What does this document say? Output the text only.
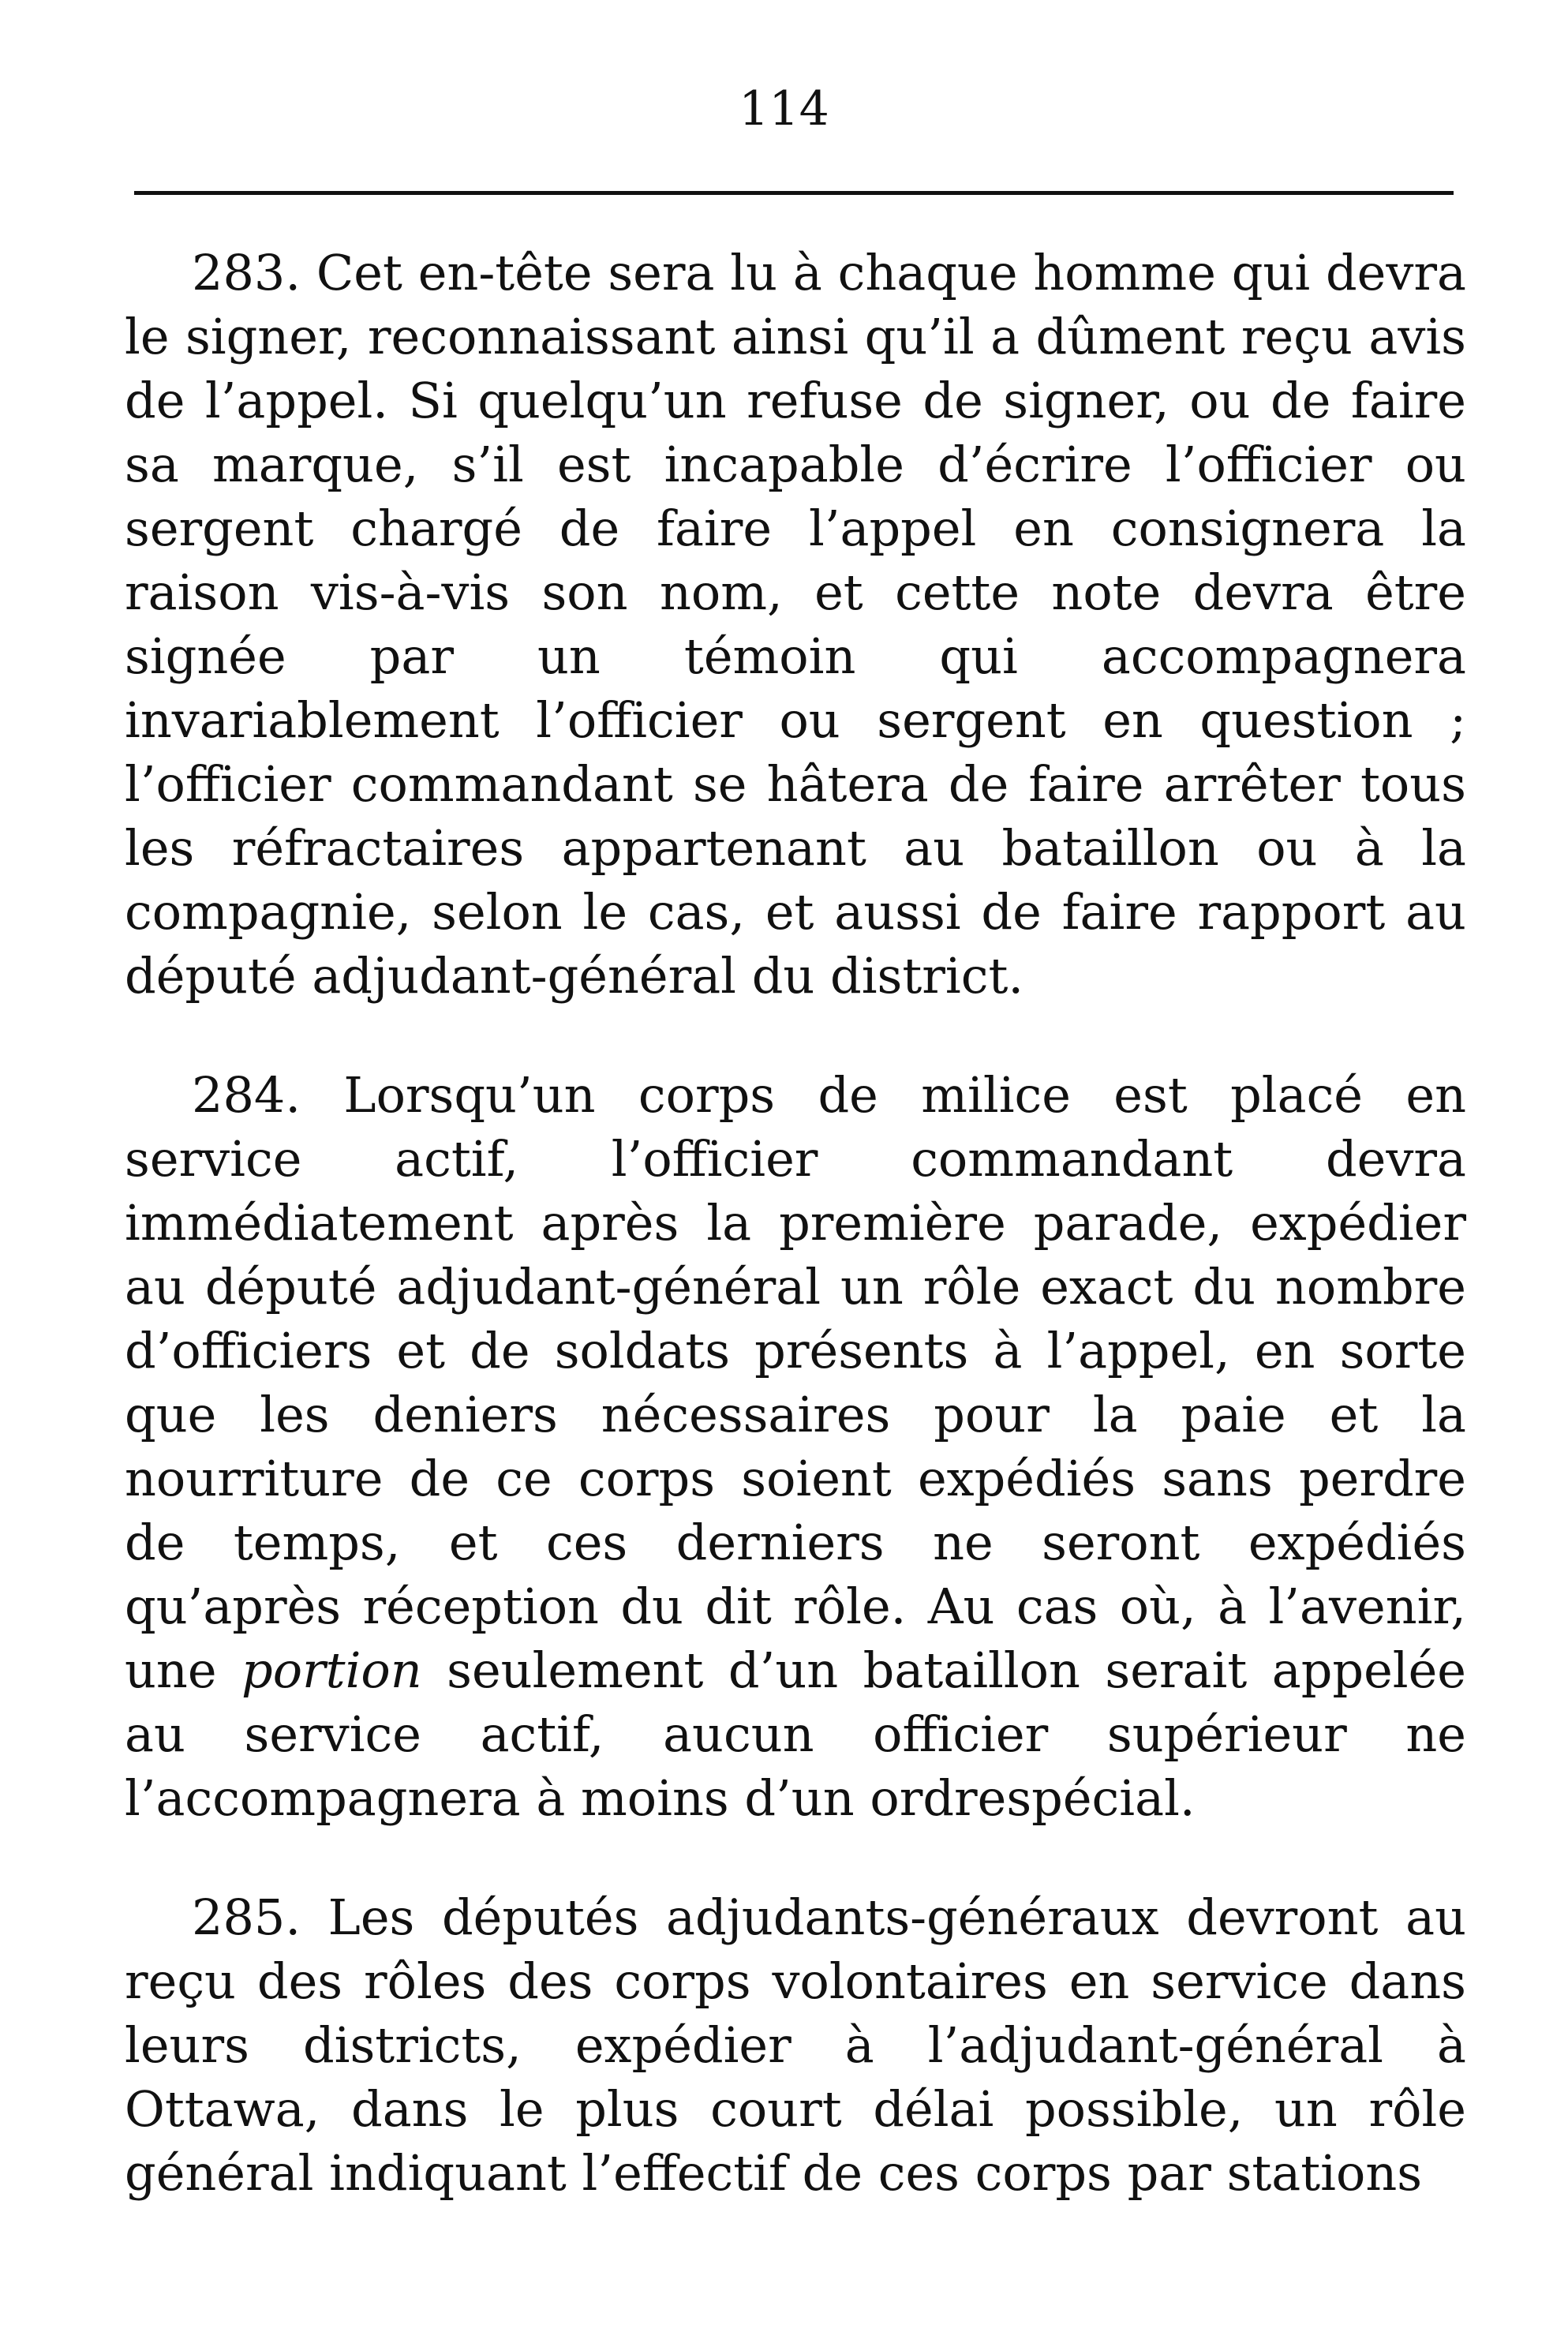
114

283. Cet en-tête sera lu à chaque homme qui devra le signer, reconnaissant ainsi qu’il a dûment reçu avis de l’appel. Si quelqu’un refuse de signer, ou de faire sa marque, s’il est incapable d’écrire l’officier ou sergent chargé de faire l’appel en consignera la raison vis-à-vis son nom, et cette note devra être signée par un témoin qui accompagnera invariablement l’officier ou sergent en question ; l’officier commandant se hâtera de faire arrêter tous les réfractaires appartenant au bataillon ou à la compagnie, selon le cas, et aussi de faire rapport au député adjudant-général du district.

284. Lorsqu’un corps de milice est placé en service actif, l’officier commandant devra immédiatement après la première parade, expédier au député adjudant-général un rôle exact du nombre d’officiers et de soldats présents à l’appel, en sorte que les deniers nécessaires pour la paie et la nourriture de ce corps soient expédiés sans perdre de temps, et ces derniers ne seront expédiés qu’après réception du dit rôle. Au cas où, à l’avenir, une portion seulement d’un bataillon serait appelée au service actif, aucun officier supérieur ne l’accompagnera à moins d’un ordrespécial.

285. Les députés adjudants-généraux devront au reçu des rôles des corps volontaires en service dans leurs districts, expédier à l’adjudant-général à Ottawa, dans le plus court délai possible, un rôle général indiquant l’effectif de ces corps par stations
